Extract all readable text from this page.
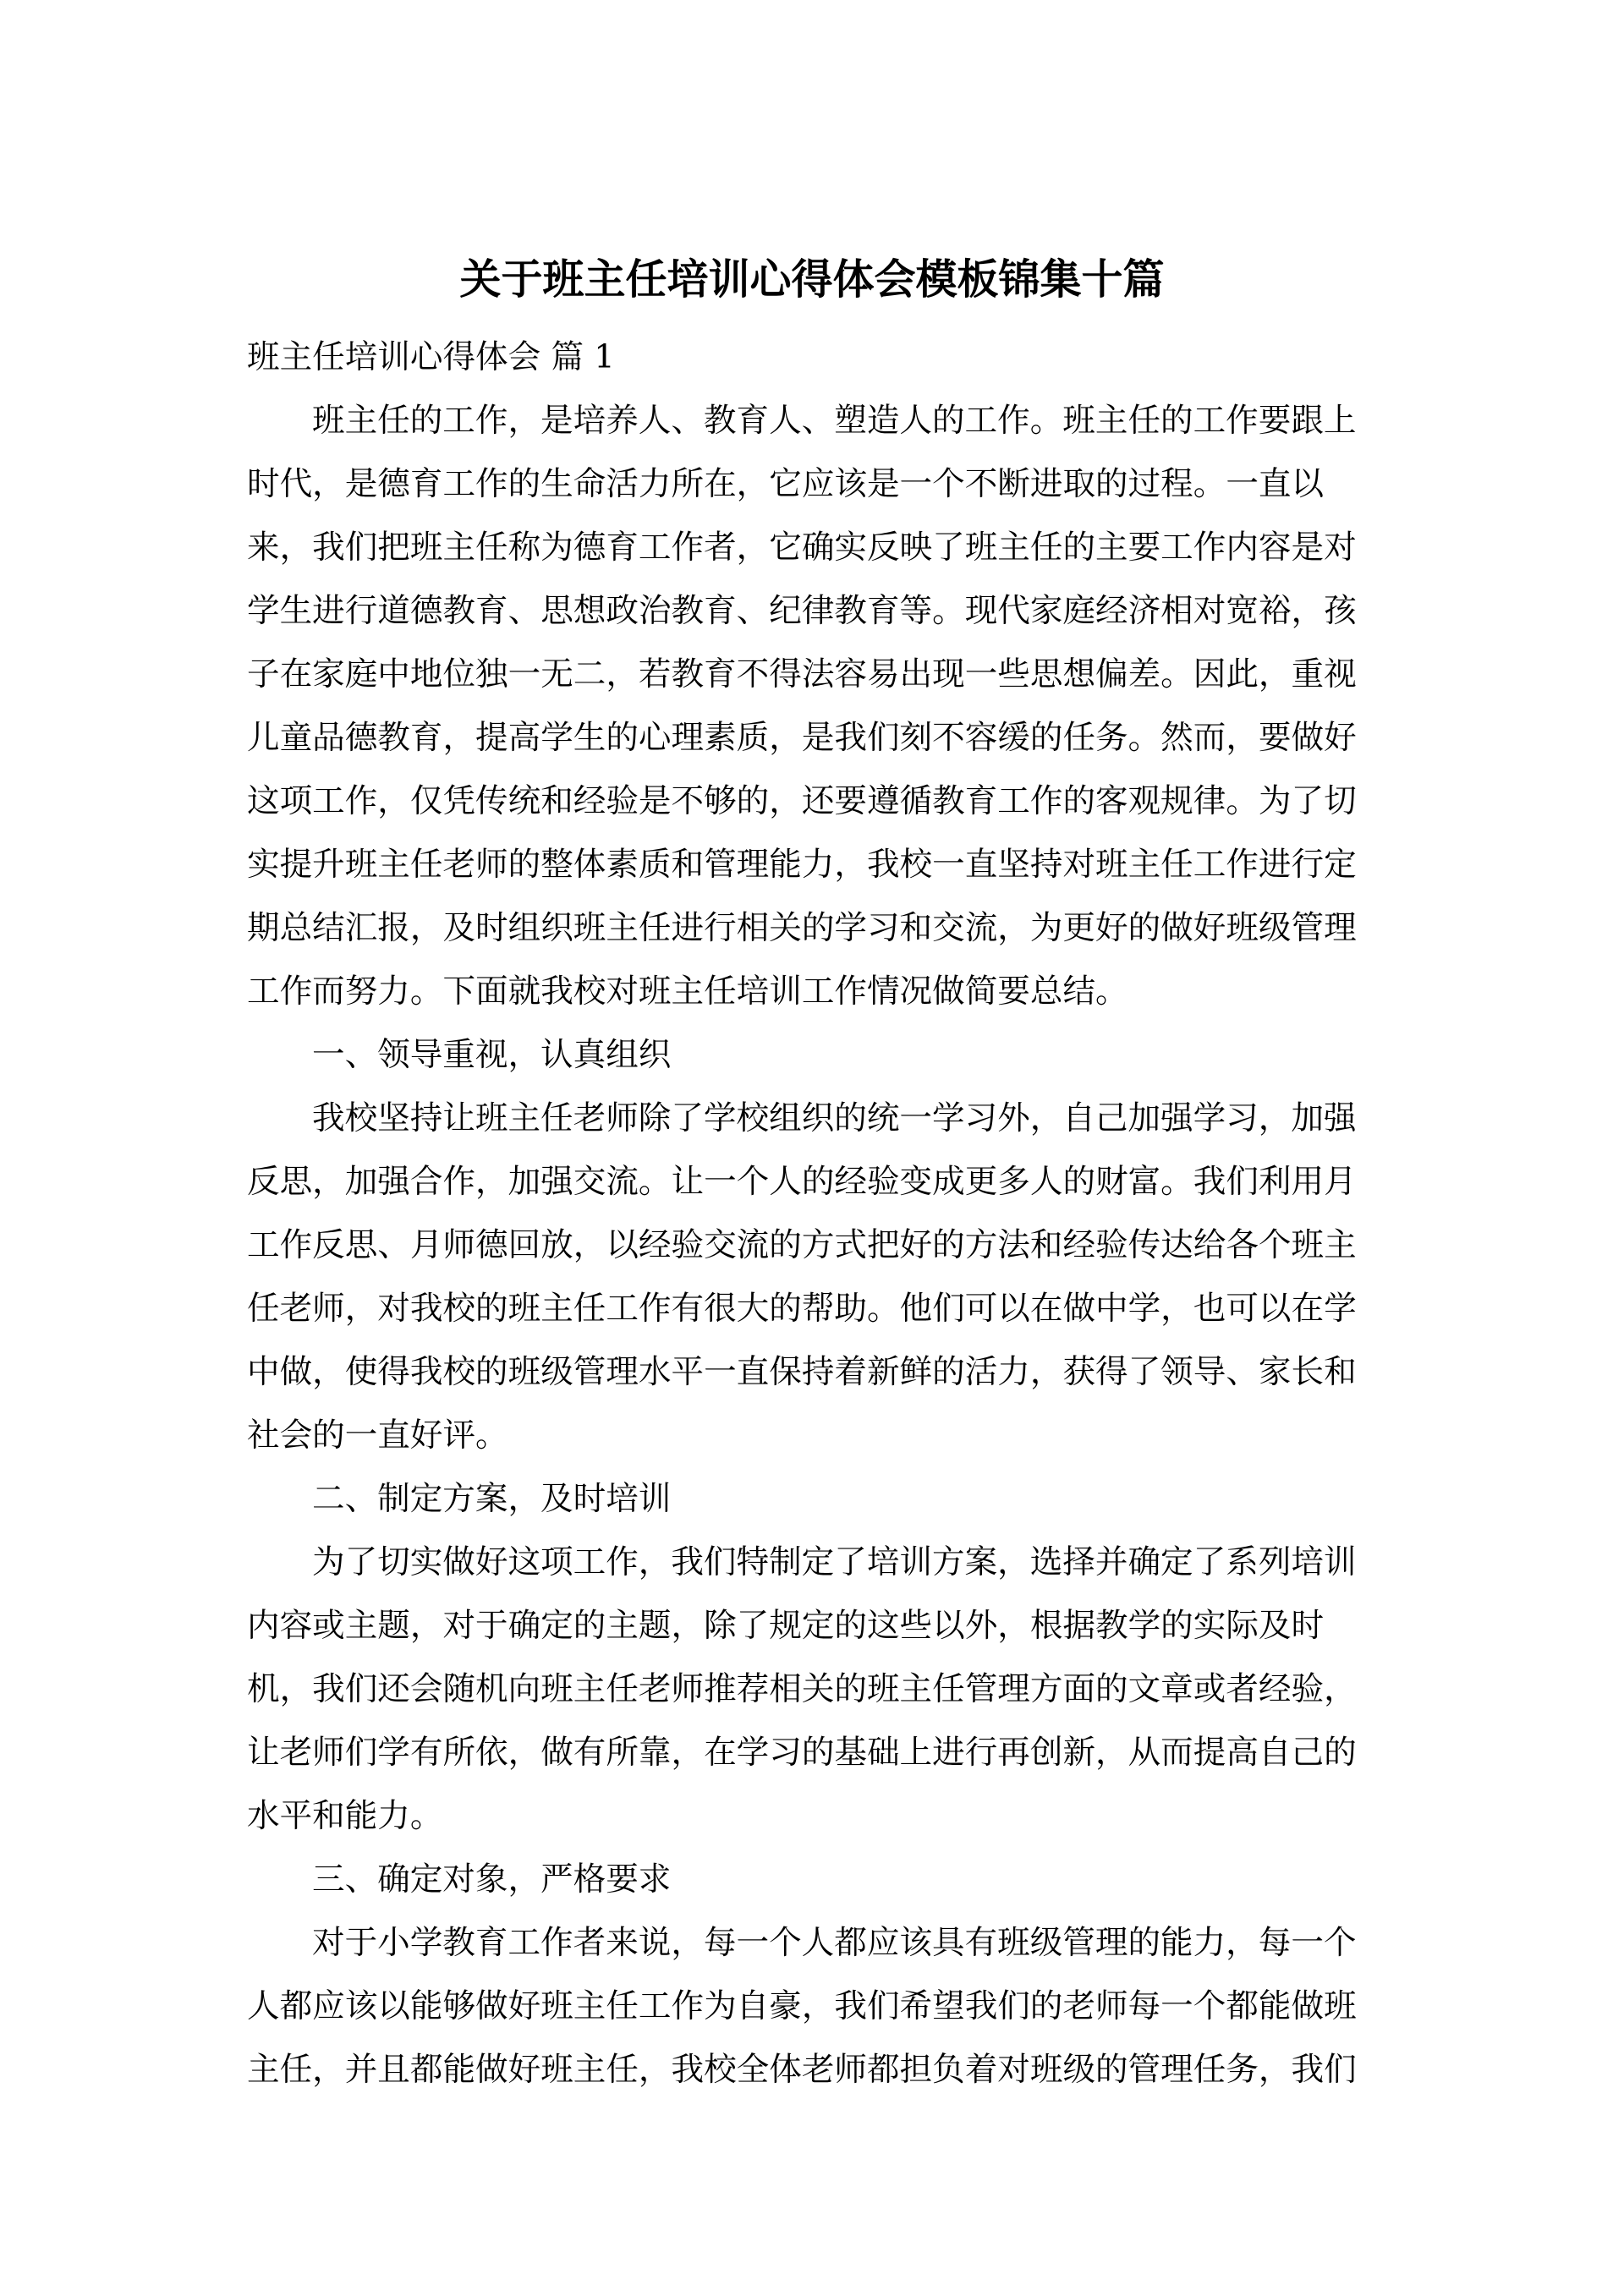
关于班主任培训心得体会模板锦集十篇
班主任培训心得体会 篇 1
班主任的工作，是培养人、教育人、塑造人的工作。班主任的工作要跟上
时代，是德育工作的生命活力所在，它应该是一个不断进取的过程。一直以
来，我们把班主任称为德育工作者，它确实反映了班主任的主要工作内容是对
学生进行道德教育、思想政治教育、纪律教育等。现代家庭经济相对宽裕，孩
子在家庭中地位独一无二，若教育不得法容易出现一些思想偏差。因此，重视
儿童品德教育，提高学生的心理素质，是我们刻不容缓的任务。然而，要做好
这项工作，仅凭传统和经验是不够的，还要遵循教育工作的客观规律。为了切
实提升班主任老师的整体素质和管理能力，我校一直坚持对班主任工作进行定
期总结汇报，及时组织班主任进行相关的学习和交流，为更好的做好班级管理
工作而努力。下面就我校对班主任培训工作情况做简要总结。
一、领导重视，认真组织
我校坚持让班主任老师除了学校组织的统一学习外，自己加强学习，加强
反思，加强合作，加强交流。让一个人的经验变成更多人的财富。我们利用月
工作反思、月师德回放，以经验交流的方式把好的方法和经验传达给各个班主
任老师，对我校的班主任工作有很大的帮助。他们可以在做中学，也可以在学
中做，使得我校的班级管理水平一直保持着新鲜的活力，获得了领导、家长和
社会的一直好评。
二、制定方案，及时培训
为了切实做好这项工作，我们特制定了培训方案，选择并确定了系列培训
内容或主题，对于确定的主题，除了规定的这些以外，根据教学的实际及时
机，我们还会随机向班主任老师推荐相关的班主任管理方面的文章或者经验，
让老师们学有所依，做有所靠，在学习的基础上进行再创新，从而提高自己的
水平和能力。
三、确定对象，严格要求
对于小学教育工作者来说，每一个人都应该具有班级管理的能力，每一个
人都应该以能够做好班主任工作为自豪，我们希望我们的老师每一个都能做班
主任，并且都能做好班主任，我校全体老师都担负着对班级的管理任务，我们
